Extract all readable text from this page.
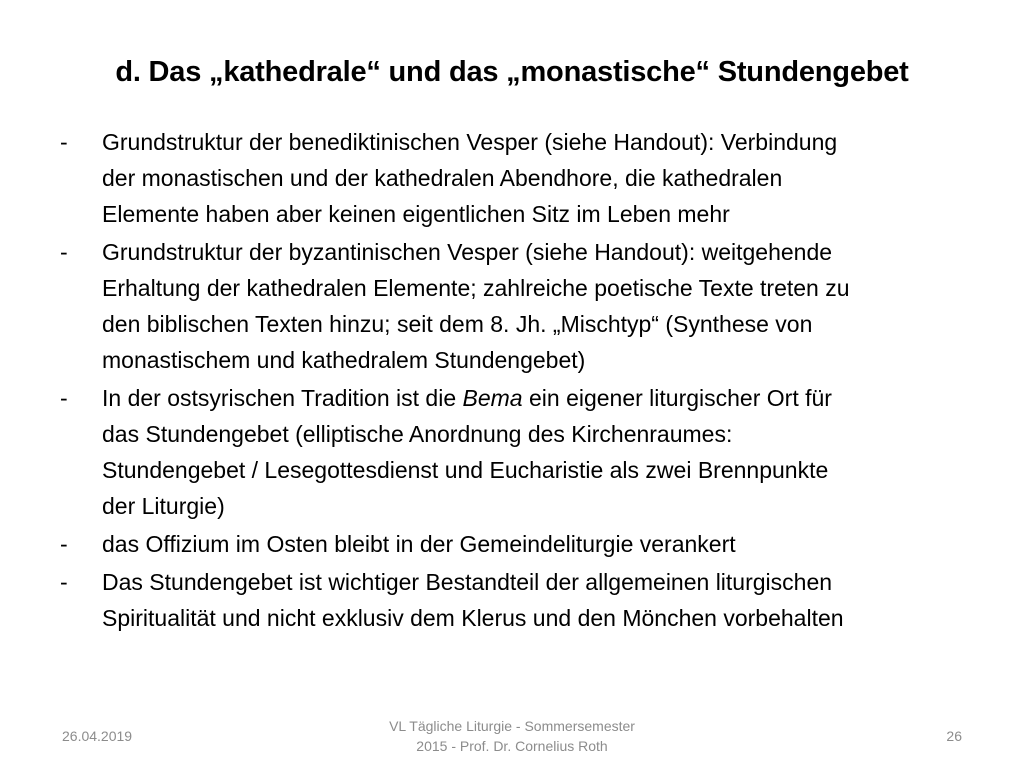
d. Das „kathedrale“ und das „monastische“ Stundengebet
- Grundstruktur der benediktinischen Vesper (siehe Handout): Verbindung
der monastischen und der kathedralen Abendhore, die kathedralen
Elemente haben aber keinen eigentlichen Sitz im Leben mehr
- Grundstruktur der byzantinischen Vesper (siehe Handout): weitgehende
Erhaltung der kathedralen Elemente; zahlreiche poetische Texte treten zu
den biblischen Texten hinzu; seit dem 8. Jh. „Mischtyp“ (Synthese von
monastischem und kathedralem Stundengebet)
- In der ostsyrischen Tradition ist die Bema ein eigener liturgischer Ort für
das Stundengebet (elliptische Anordnung des Kirchenraumes:
Stundengebet / Lesegottesdienst und Eucharistie als zwei Brennpunkte
der Liturgie)
- das Offizium im Osten bleibt in der Gemeindeliturgie verankert
- Das Stundengebet ist wichtiger Bestandteil der allgemeinen liturgischen
Spiritualität und nicht exklusiv dem Klerus und den Mönchen vorbehalten
26.04.2019
VL Tägliche Liturgie - Sommersemester
2015 - Prof. Dr. Cornelius Roth
26
